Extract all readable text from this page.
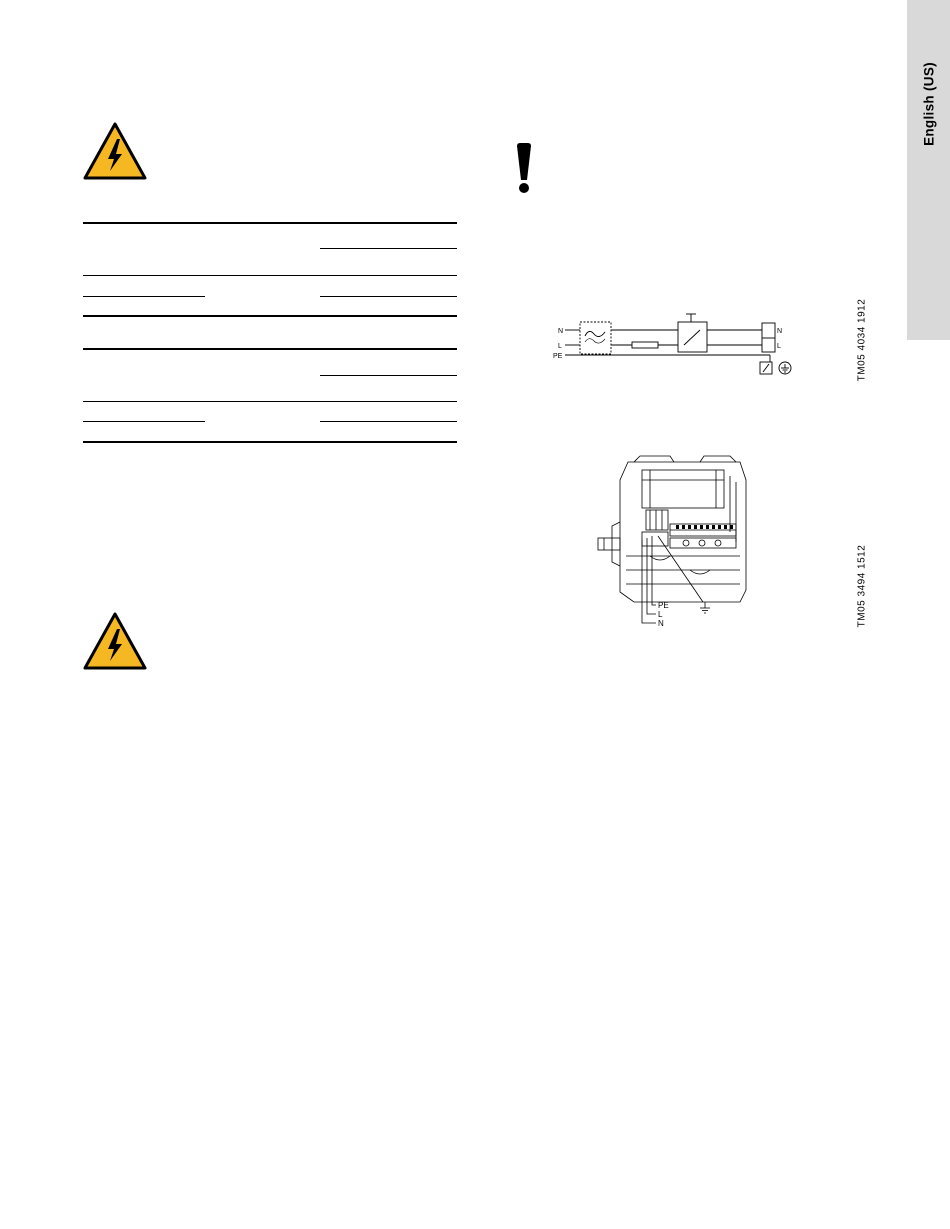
English (US)
N
L
PE
N
L	TM05 4034 1912
PE
L
N	TM05 3494 1512
